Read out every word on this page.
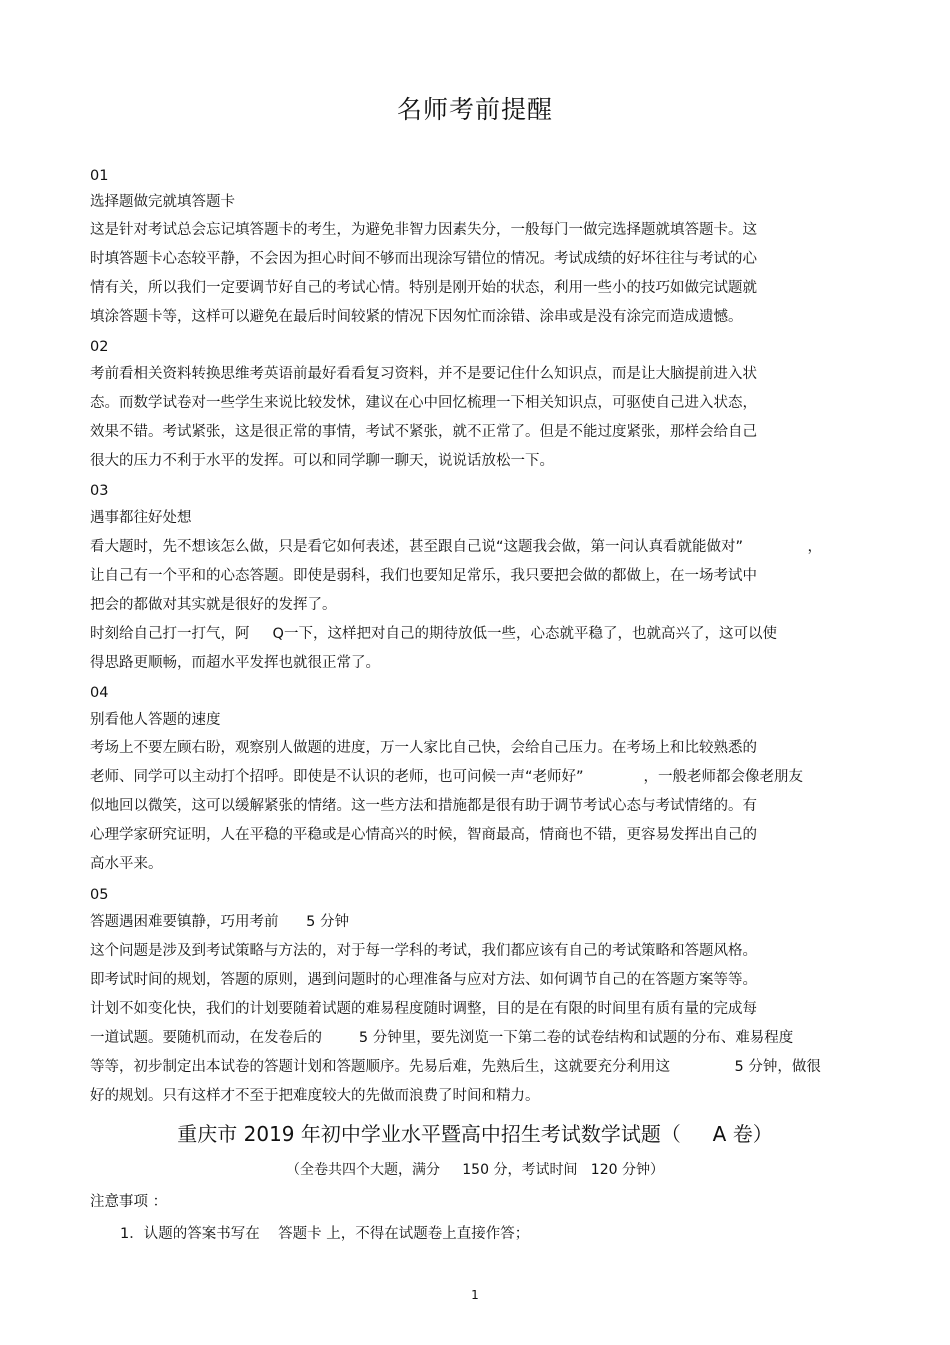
名师考前提醒
01
选择题做完就填答题卡
这是针对考试总会忘记填答题卡的考生，为避免非智力因素失分，一般每门一做完选择题就填答题卡。这
时填答题卡心态较平静，不会因为担心时间不够而出现涂写错位的情况。考试成绩的好坏往往与考试的心
情有关，所以我们一定要调节好自己的考试心情。特别是刚开始的状态，利用一些小的技巧如做完试题就
填涂答题卡等，这样可以避免在最后时间较紧的情况下因匆忙而涂错、涂串或是没有涂完而造成遗憾。
02
考前看相关资料转换思维考英语前最好看看复习资料，并不是要记住什么知识点，而是让大脑提前进入状
态。而数学试卷对一些学生来说比较发怵，建议在心中回忆梳理一下相关知识点，可驱使自己进入状态，
效果不错。考试紧张，这是很正常的事情，考试不紧张，就不正常了。但是不能过度紧张，那样会给自己
很大的压力不利于水平的发挥。可以和同学聊一聊天，说说话放松一下。
03
遇事都往好处想
看大题时，先不想该怎么做，只是看它如何表述，甚至跟自己说“这题我会做，第一问认真看就能做对”              ，
让自己有一个平和的心态答题。即使是弱科，我们也要知足常乐，我只要把会做的都做上，在一场考试中
把会的都做对其实就是很好的发挥了。
时刻给自己打一打气，阿     Q一下，这样把对自己的期待放低一些，心态就平稳了，也就高兴了，这可以使
得思路更顺畅，而超水平发挥也就很正常了。
04
别看他人答题的速度
考场上不要左顾右盼，观察别人做题的进度，万一人家比自己快，会给自己压力。在考场上和比较熟悉的
老师、同学可以主动打个招呼。即使是不认识的老师，也可问候一声“老师好”             ，一般老师都会像老朋友
似地回以微笑，这可以缓解紧张的情绪。这一些方法和措施都是很有助于调节考试心态与考试情绪的。有
心理学家研究证明，人在平稳的平稳或是心情高兴的时候，智商最高，情商也不错，更容易发挥出自己的
高水平来。
05
答题遇困难要镇静，巧用考前      5 分钟
这个问题是涉及到考试策略与方法的，对于每一学科的考试，我们都应该有自己的考试策略和答题风格。
即考试时间的规划，答题的原则，遇到问题时的心理准备与应对方法、如何调节自己的在答题方案等等。
计划不如变化快，我们的计划要随着试题的难易程度随时调整，目的是在有限的时间里有质有量的完成每
一道试题。要随机而动，在发卷后的        5 分钟里，要先浏览一下第二卷的试卷结构和试题的分布、难易程度
等等，初步制定出本试卷的答题计划和答题顺序。先易后难，先熟后生，这就要充分利用这              5 分钟，做很
好的规划。只有这样才不至于把难度较大的先做而浪费了时间和精力。
重庆市 2019 年初中学业水平暨高中招生考试数学试题（     A 卷）
（全卷共四个大题，满分     150 分，考试时间   120 分钟）
注意事项 ：
1．认题的答案书写在    答题卡 上，不得在试题卷上直接作答；
1
